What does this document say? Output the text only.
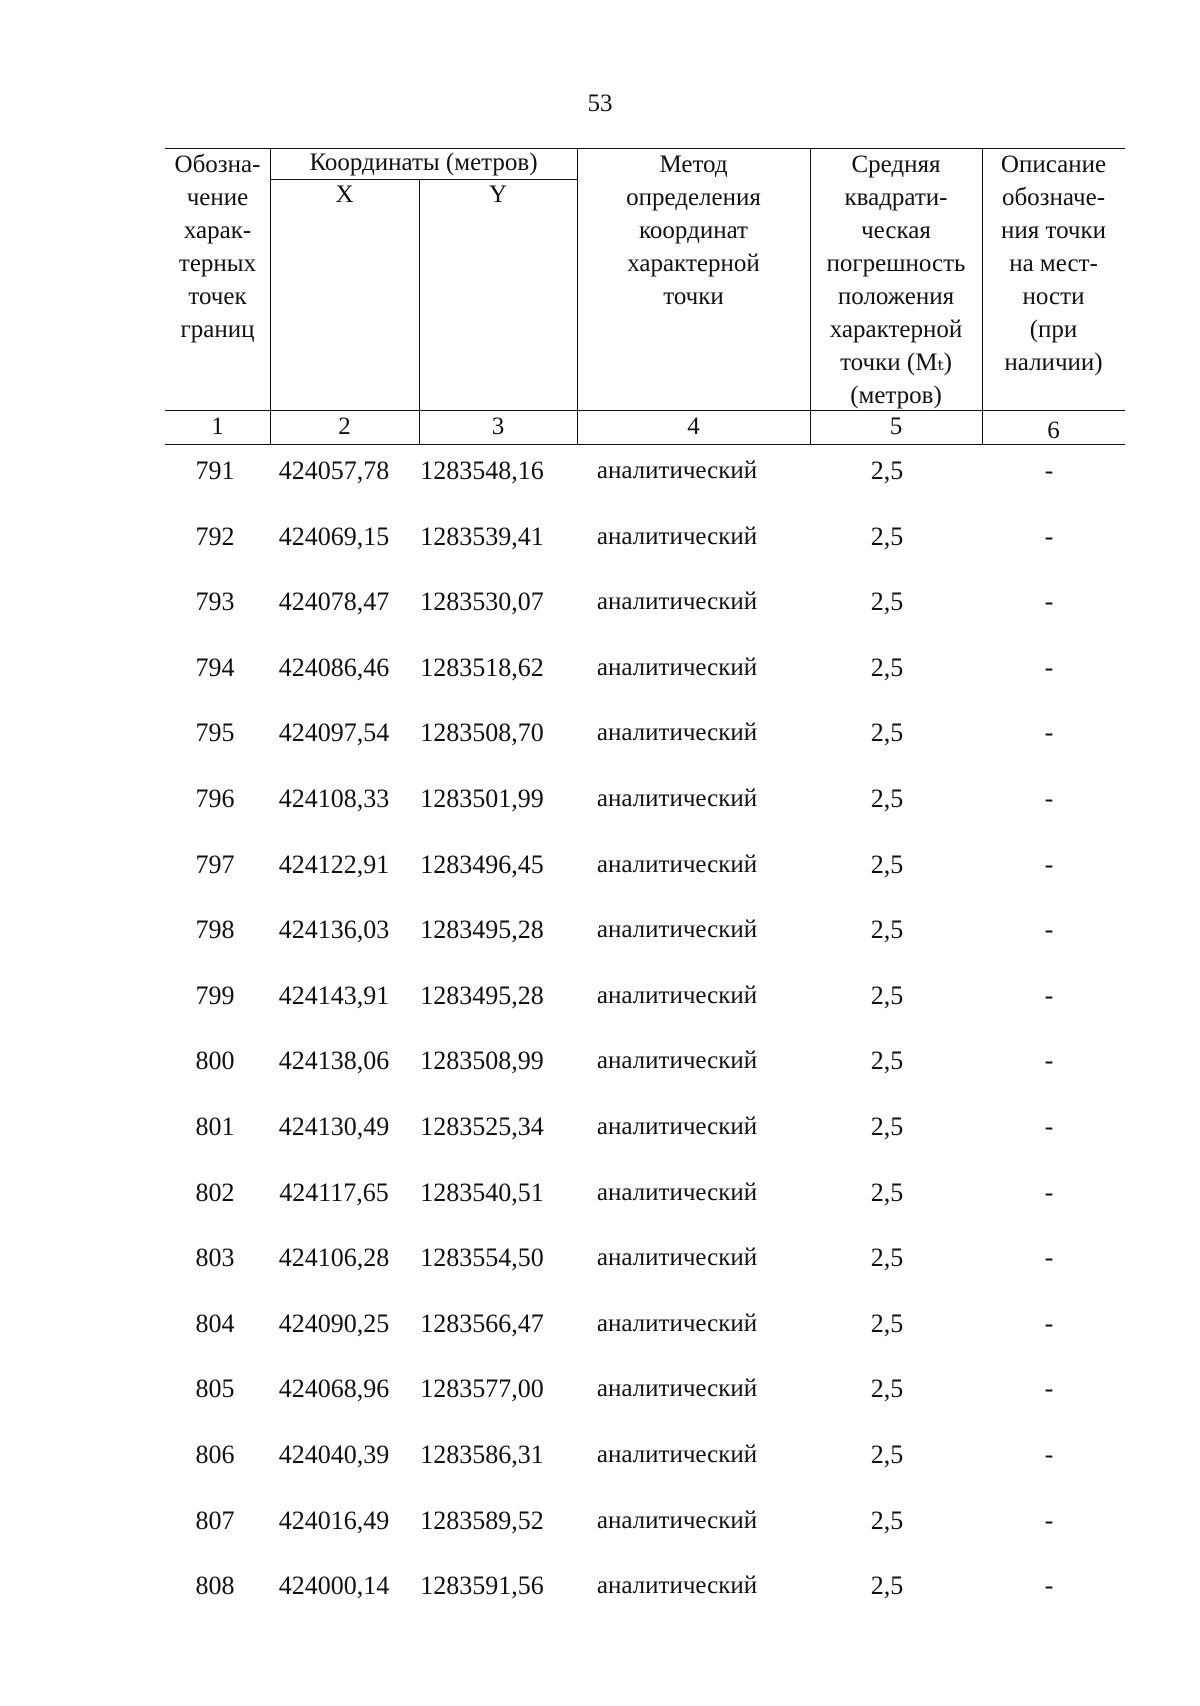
53
Обозна-
чение
харак-
терных
точек
границ
Координаты (метров)
X	Y
Метод
определения
координат
характерной
точки
Средняя
квадрати-
ческая
погрешность
положения
характерной
точки (Mₜ)
(метров)
Описание
обозначе-
ния точки
на мест-
ности
(при
наличии)
1	2	3	4	5	6
791	424057,78	1283548,16	аналитический	2,5	-
792	424069,15	1283539,41	аналитический	2,5	-
793	424078,47	1283530,07	аналитический	2,5	-
794	424086,46	1283518,62	аналитический	2,5	-
795	424097,54	1283508,70	аналитический	2,5	-
796	424108,33	1283501,99	аналитический	2,5	-
797	424122,91	1283496,45	аналитический	2,5	-
798	424136,03	1283495,28	аналитический	2,5	-
799	424143,91	1283495,28	аналитический	2,5	-
800	424138,06	1283508,99	аналитический	2,5	-
801	424130,49	1283525,34	аналитический	2,5	-
802	424117,65	1283540,51	аналитический	2,5	-
803	424106,28	1283554,50	аналитический	2,5	-
804	424090,25	1283566,47	аналитический	2,5	-
805	424068,96	1283577,00	аналитический	2,5	-
806	424040,39	1283586,31	аналитический	2,5	-
807	424016,49	1283589,52	аналитический	2,5	-
808	424000,14	1283591,56	аналитический	2,5	-
